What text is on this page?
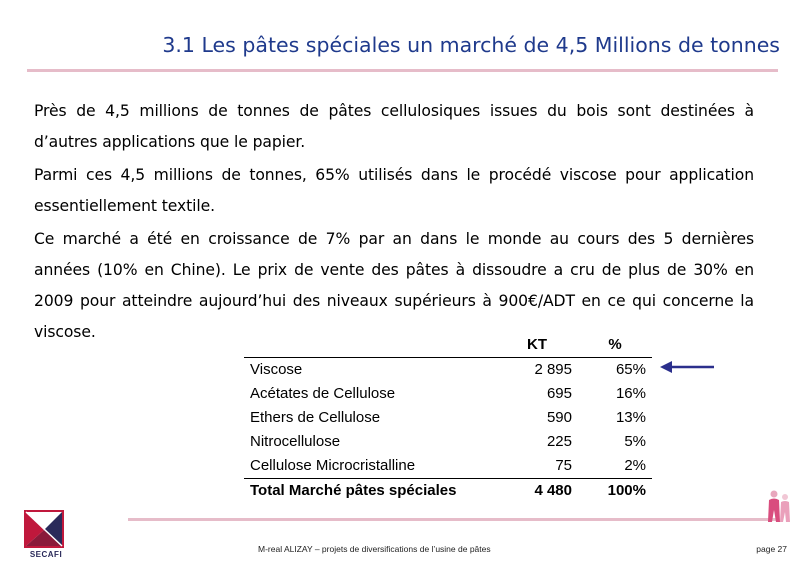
3.1 Les pâtes spéciales un marché de 4,5 Millions de tonnes

Près de 4,5 millions de tonnes de pâtes cellulosiques issues du bois sont destinées à d’autres applications que le papier.

Parmi ces 4,5 millions de tonnes, 65% utilisés dans le procédé viscose pour application essentiellement textile.

Ce marché a été en croissance de 7% par an dans le monde au cours des 5 dernières années (10% en Chine). Le prix de vente des pâtes à dissoudre a cru de plus de 30% en 2009 pour atteindre aujourd’hui des niveaux supérieurs à 900€/ADT en ce qui concerne la viscose.

	KT	%
Viscose	2 895	65%
Acétates de Cellulose	695	16%
Ethers de Cellulose	590	13%
Nitrocellulose	225	5%
Cellulose Microcristalline	75	2%
Total Marché pâtes spéciales	4 480	100%
SECAFI
M-real ALIZAY – projets de diversifications de l’usine de pâtes	page 27
